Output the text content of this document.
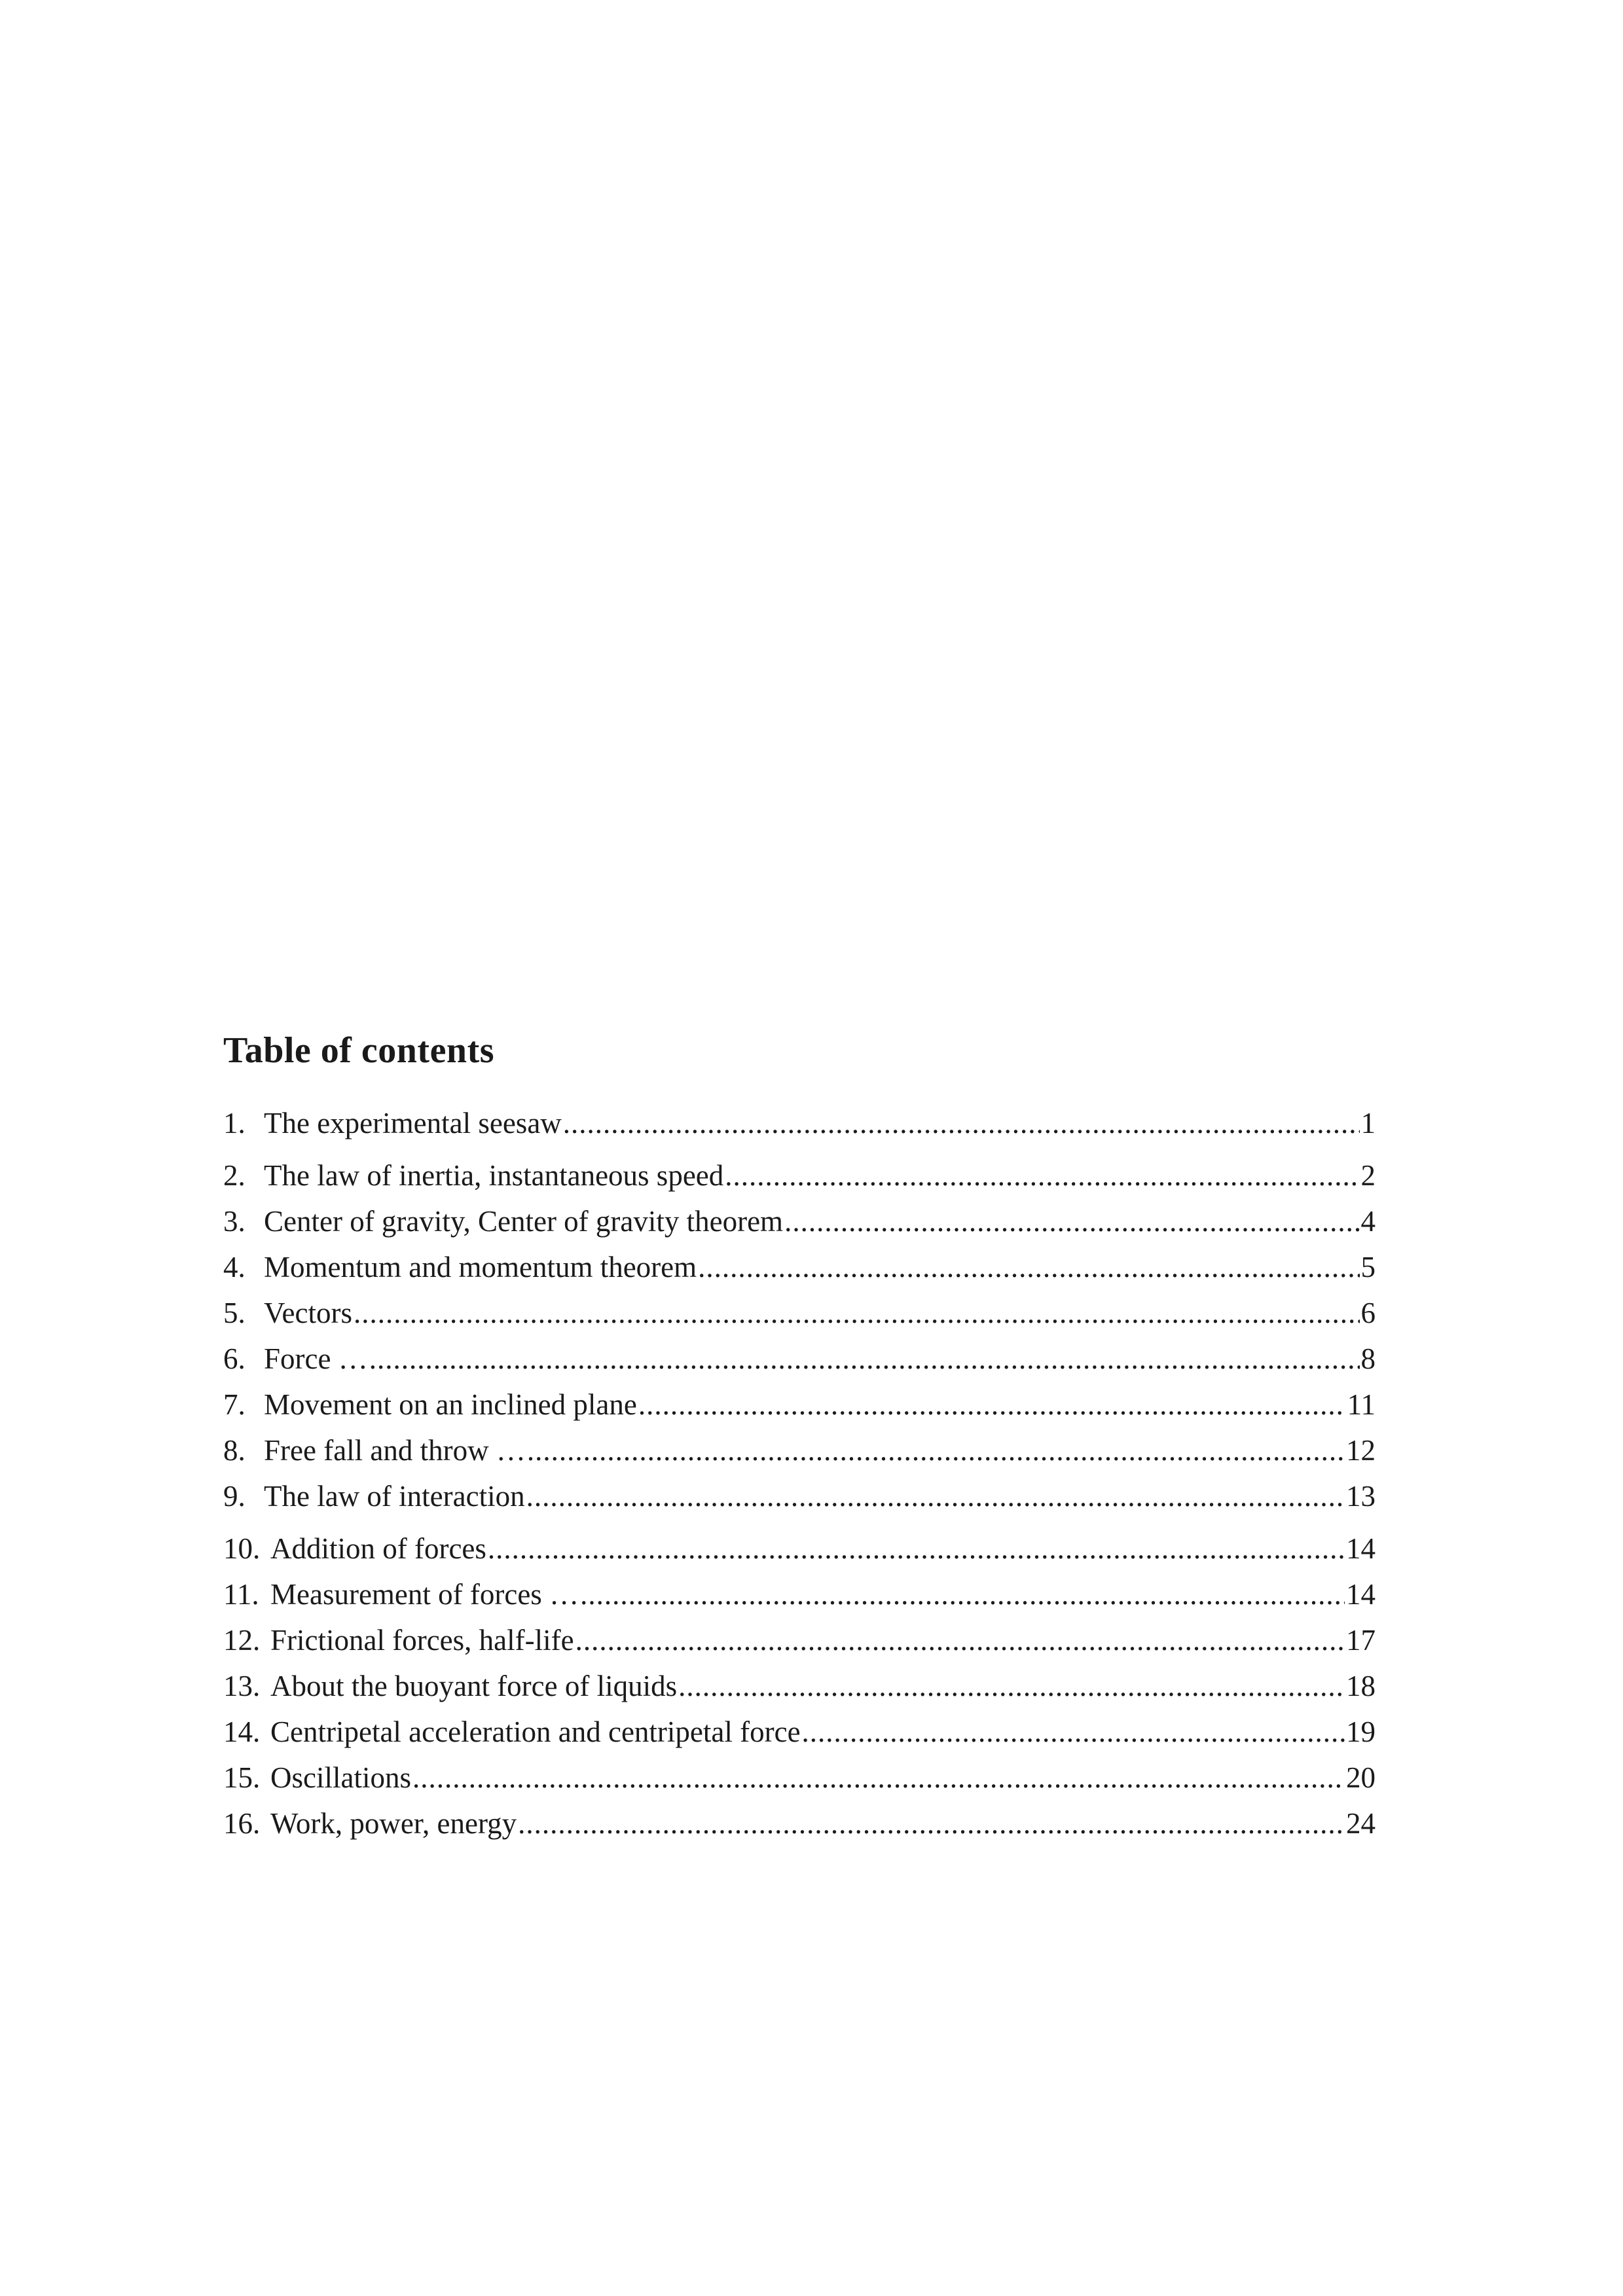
Table of contents
1. The experimental seesaw .....	1
2. The law of inertia, instantaneous speed .....	2
3. Center of gravity, Center of gravity theorem .....	4
4. Momentum and momentum theorem .....	5
5. Vectors .....	6
6. Force … .....	8
7. Movement on an inclined plane .....	11
8. Free fall and throw … .....	12
9. The law of interaction .....	13
10. Addition of forces .....	14
11. Measurement of forces … .....	14
12. Frictional forces, half-life .....	17
13. About the buoyant force of liquids .....	18
14. Centripetal acceleration and centripetal force .....	19
15. Oscillations .....	20
16. Work, power, energy .....	24
